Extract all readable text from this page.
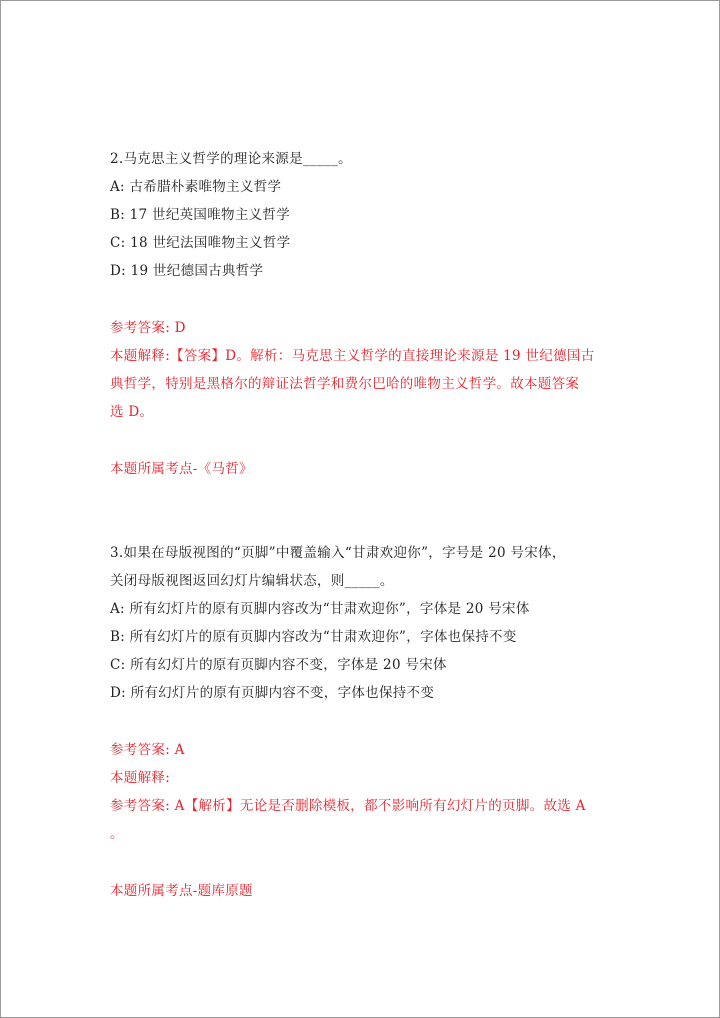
2.马克思主义哲学的理论来源是_____。
A: 古希腊朴素唯物主义哲学
B: 17 世纪英国唯物主义哲学
C: 18 世纪法国唯物主义哲学
D: 19 世纪德国古典哲学
参考答案: D
本题解释:【答案】D。解析：马克思主义哲学的直接理论来源是 19 世纪德国古
典哲学，特别是黑格尔的辩证法哲学和费尔巴哈的唯物主义哲学。故本题答案
选 D。
本题所属考点-《马哲》
3.如果在母版视图的“页脚”中覆盖输入“甘肃欢迎你”，字号是 20 号宋体，
关闭母版视图返回幻灯片编辑状态，则_____。
A: 所有幻灯片的原有页脚内容改为“甘肃欢迎你”，字体是 20 号宋体
B: 所有幻灯片的原有页脚内容改为“甘肃欢迎你”，字体也保持不变
C: 所有幻灯片的原有页脚内容不变，字体是 20 号宋体
D: 所有幻灯片的原有页脚内容不变，字体也保持不变
参考答案: A
本题解释:
参考答案: A【解析】无论是否删除模板，都不影响所有幻灯片的页脚。故选 A
。
本题所属考点-题库原题
